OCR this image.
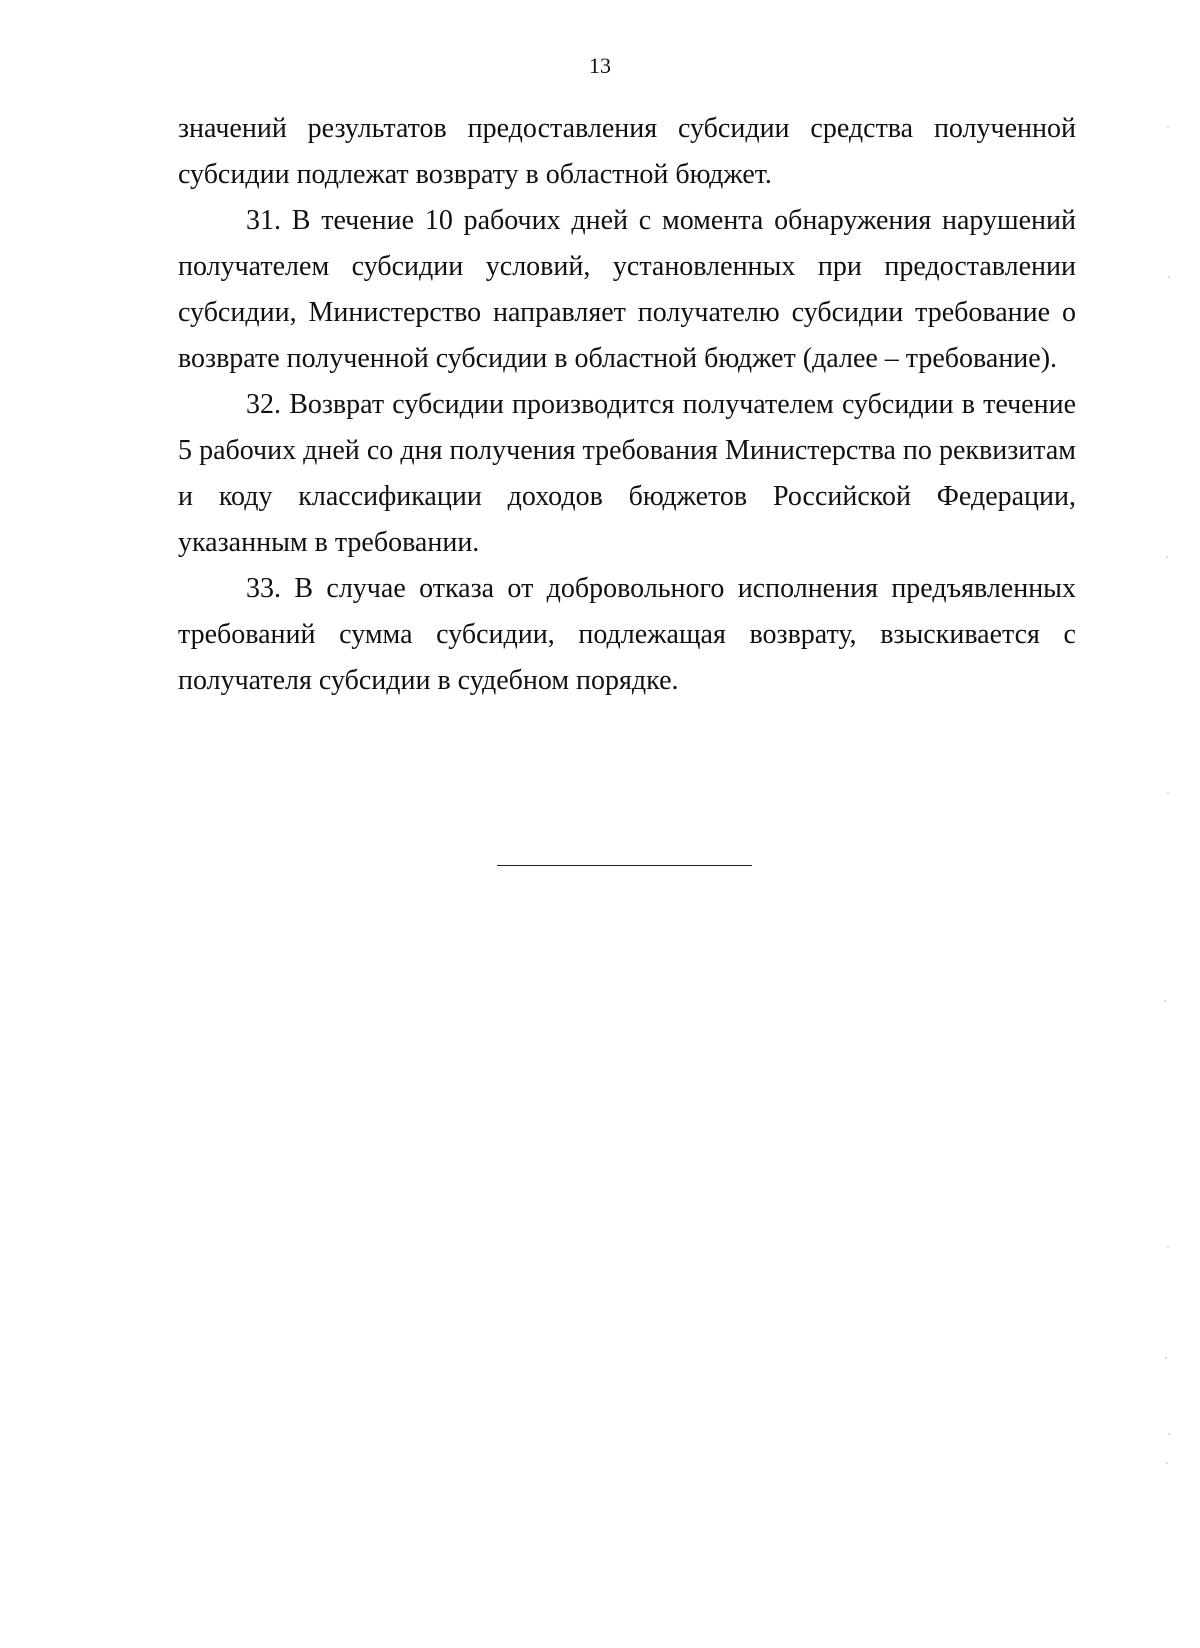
13

значений результатов предоставления субсидии средства полученной субсидии подлежат возврату в областной бюджет.

31. В течение 10 рабочих дней с момента обнаружения нарушений получателем субсидии условий, установленных при предоставлении субсидии, Министерство направляет получателю субсидии требование о возврате полученной субсидии в областной бюджет (далее – требование).

32. Возврат субсидии производится получателем субсидии в течение 5 рабочих дней со дня получения требования Министерства по реквизитам и коду классификации доходов бюджетов Российской Федерации, указанным в требовании.

33. В случае отказа от добровольного исполнения предъявленных требований сумма субсидии, подлежащая возврату, взыскивается с получателя субсидии в судебном порядке.
